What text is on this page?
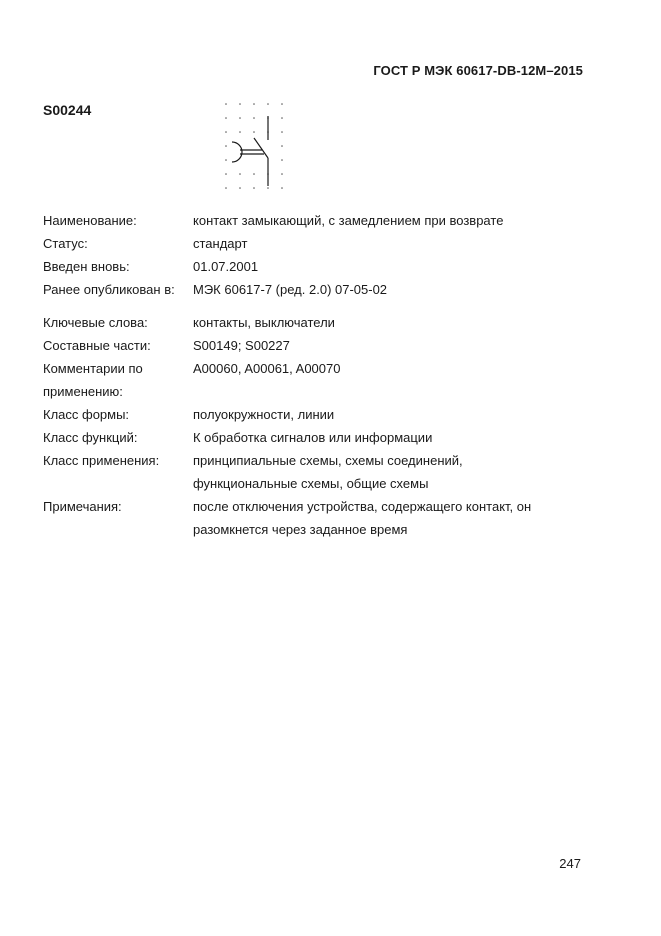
ГОСТ Р МЭК 60617-DB-12M–2015
S00244
Наименование:	контакт замыкающий, с замедлением при возврате
Статус:	стандарт
Введен вновь:	01.07.2001
Ранее опубликован в:	МЭК 60617-7 (ред. 2.0) 07-05-02
Ключевые слова:	контакты, выключатели
Составные части:	S00149; S00227
Комментарии по	A00060, A00061, A00070
применению:
Класс формы:	полуокружности, линии
Класс функций:	К обработка сигналов или информации
Класс применения:	принципиальные схемы, схемы соединений,
функциональные схемы, общие схемы
Примечания:	после отключения устройства, содержащего контакт, он
разомкнется через заданное время
247
